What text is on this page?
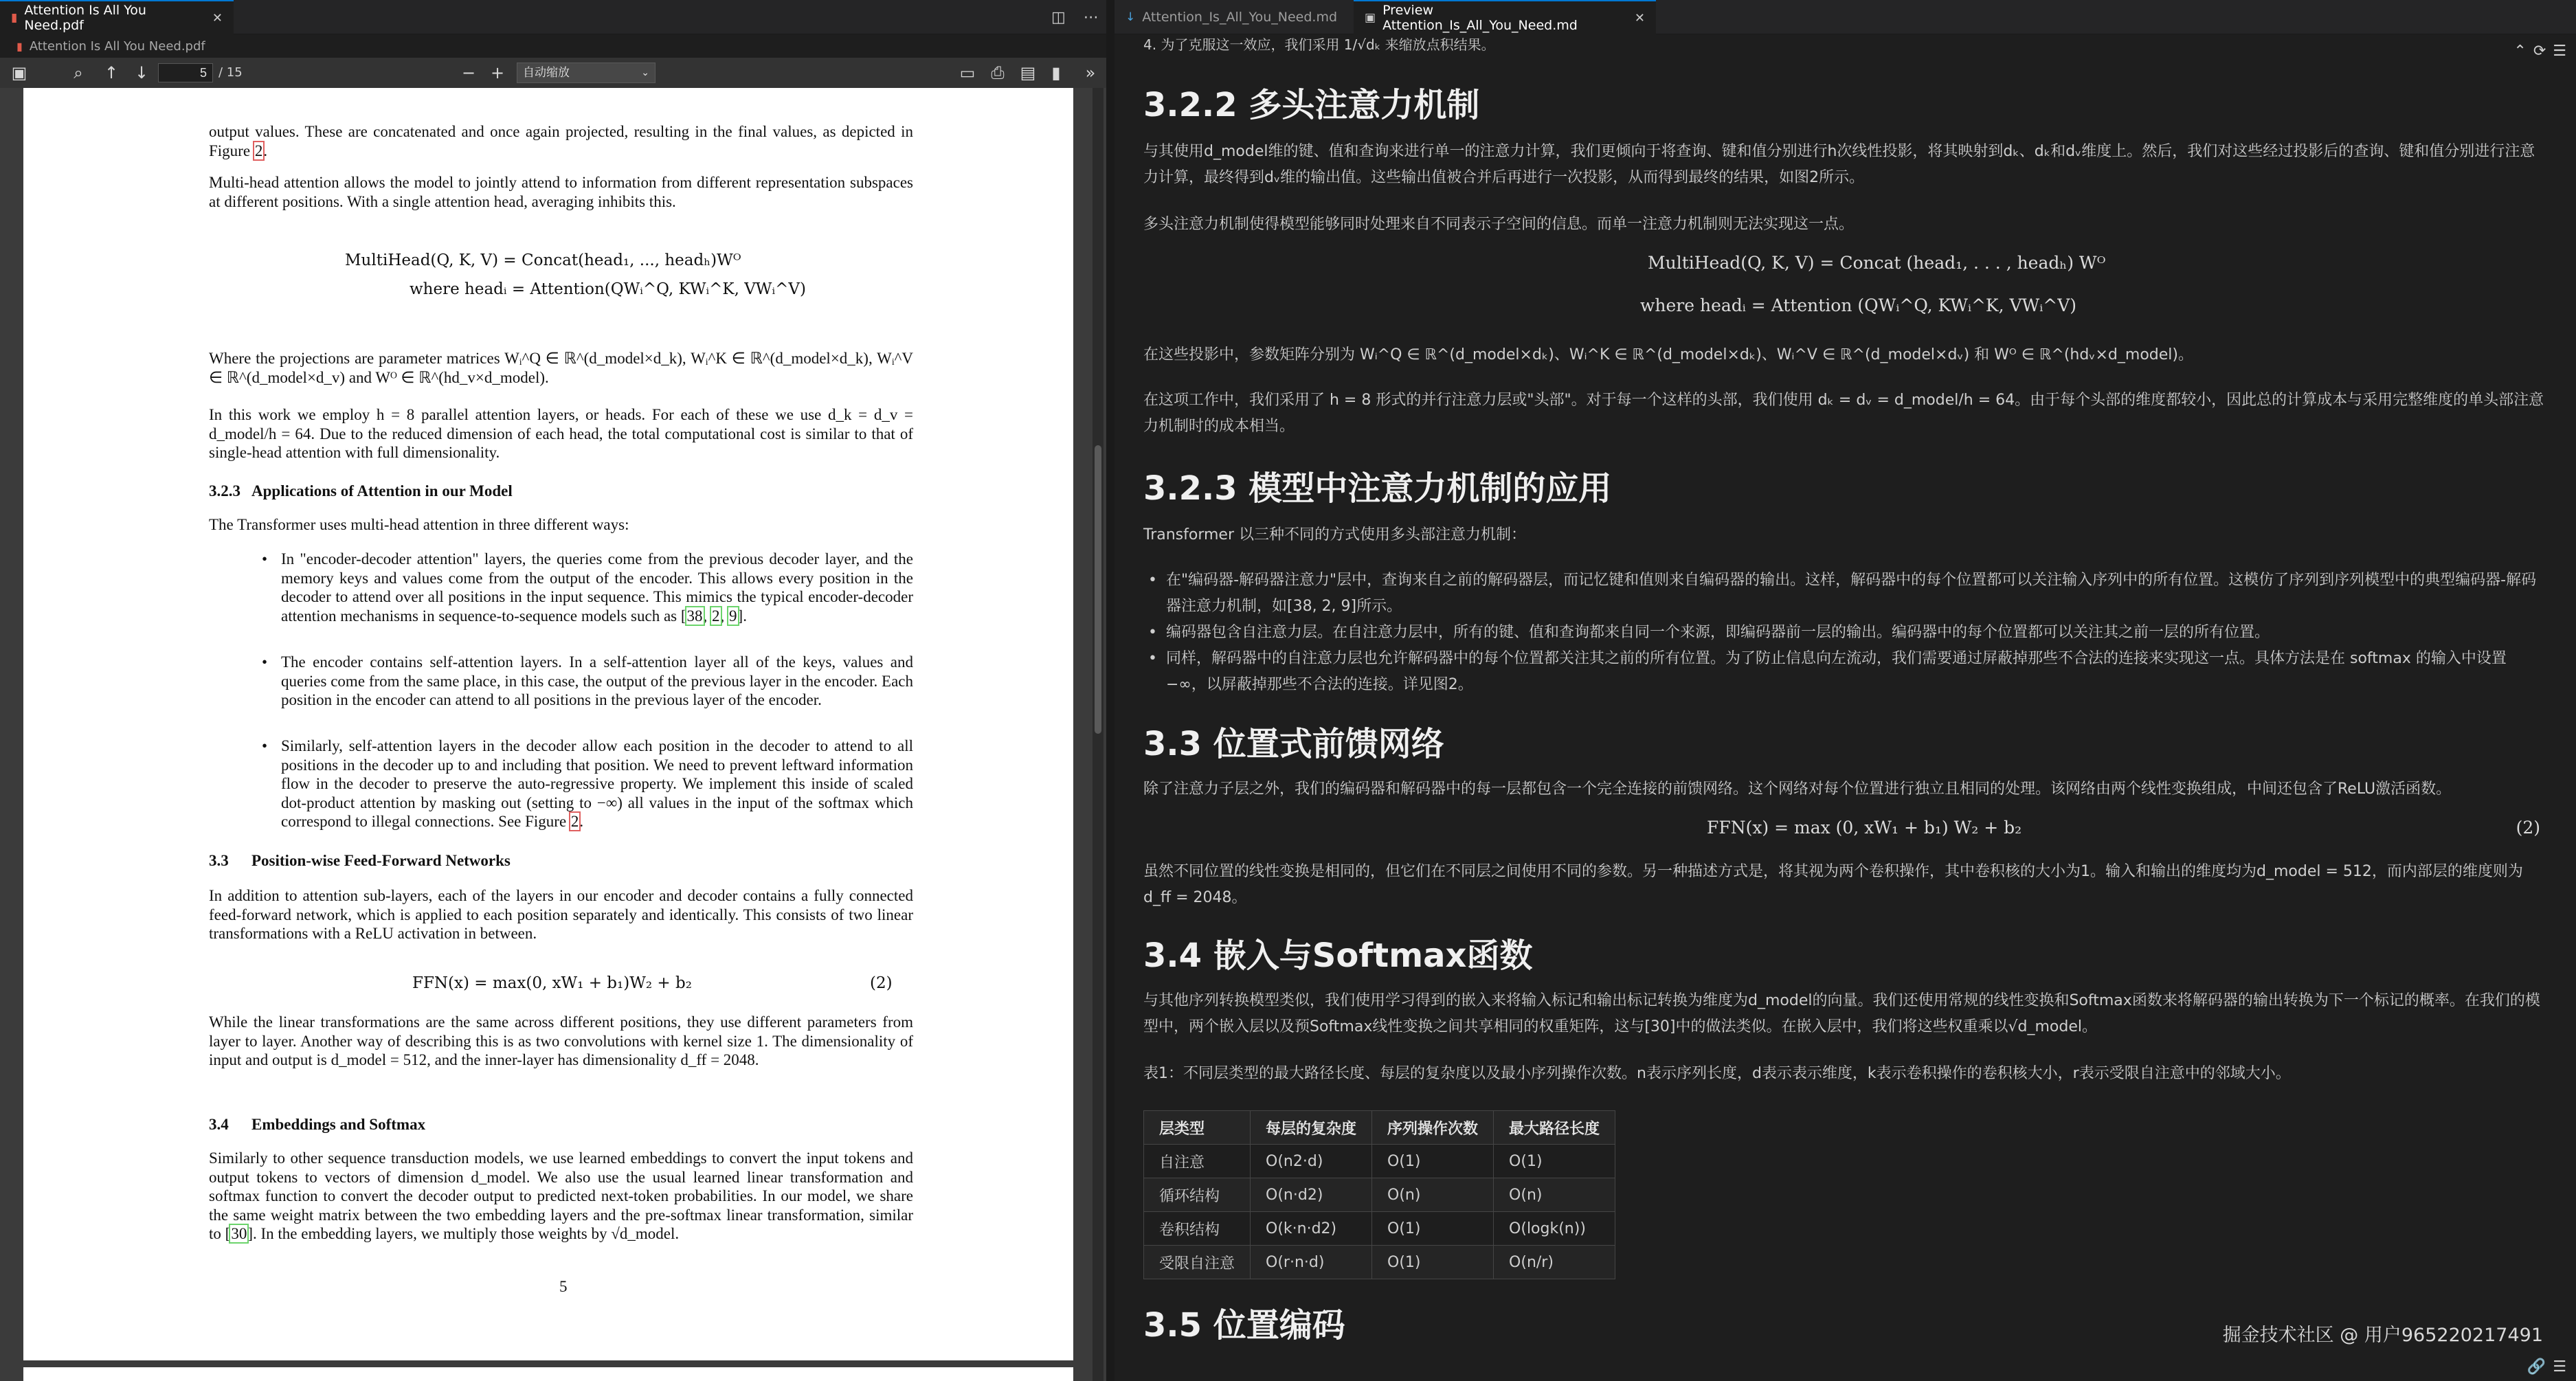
▮ Attention Is All You Need.pdf	✕	◫ ⋯
▮ Attention Is All You Need.pdf
▣	⌕	↑ ↓
5	/ 15	− +	自动缩放	⌄	▭ ⎙ ▤ ▮	»
output values. These are concatenated and once again projected, resulting in the final values, as depicted in Figure 2.
Multi-head attention allows the model to jointly attend to information from different representation subspaces at different positions. With a single attention head, averaging inhibits this.
MultiHead(Q, K, V) = Concat(head₁, ..., headₕ)Wᴼ
where headᵢ = Attention(QWᵢ^Q, KWᵢ^K, VWᵢ^V)
Where the projections are parameter matrices Wᵢ^Q ∈ ℝ^(d_model×d_k), Wᵢ^K ∈ ℝ^(d_model×d_k), Wᵢ^V ∈ ℝ^(d_model×d_v) and Wᴼ ∈ ℝ^(hd_v×d_model).
In this work we employ h = 8 parallel attention layers, or heads. For each of these we use d_k = d_v = d_model/h = 64. Due to the reduced dimension of each head, the total computational cost is similar to that of single-head attention with full dimensionality.
3.2.3 Applications of Attention in our Model
The Transformer uses multi-head attention in three different ways:
• In "encoder-decoder attention" layers, the queries come from the previous decoder layer, and the memory keys and values come from the output of the encoder. This allows every position in the decoder to attend over all positions in the input sequence. This mimics the typical encoder-decoder attention mechanisms in sequence-to-sequence models such as [38, 2, 9].
• The encoder contains self-attention layers. In a self-attention layer all of the keys, values and queries come from the same place, in this case, the output of the previous layer in the encoder. Each position in the encoder can attend to all positions in the previous layer of the encoder.
• Similarly, self-attention layers in the decoder allow each position in the decoder to attend to all positions in the decoder up to and including that position. We need to prevent leftward information flow in the decoder to preserve the auto-regressive property. We implement this inside of scaled dot-product attention by masking out (setting to −∞) all values in the input of the softmax which correspond to illegal connections. See Figure 2.
3.3 Position-wise Feed-Forward Networks
In addition to attention sub-layers, each of the layers in our encoder and decoder contains a fully connected feed-forward network, which is applied to each position separately and identically. This consists of two linear transformations with a ReLU activation in between.
FFN(x) = max(0, xW₁ + b₁)W₂ + b₂	(2)
While the linear transformations are the same across different positions, they use different parameters from layer to layer. Another way of describing this is as two convolutions with kernel size 1. The dimensionality of input and output is d_model = 512, and the inner-layer has dimensionality d_ff = 2048.
3.4 Embeddings and Softmax
Similarly to other sequence transduction models, we use learned embeddings to convert the input tokens and output tokens to vectors of dimension d_model. We also use the usual learned linear transformation and softmax function to convert the decoder output to predicted next-token probabilities. In our model, we share the same weight matrix between the two embedding layers and the pre-softmax linear transformation, similar to [30]. In the embedding layers, we multiply those weights by √d_model.
5
↓ Attention_Is_All_You_Need.md ▣ Preview Attention_Is_All_You_Need.md	✕
4. 为了克服这一效应，我们采用 1/√dₖ 来缩放点积结果。
3.2.2 多头注意力机制
与其使用d_model维的键、值和查询来进行单一的注意力计算，我们更倾向于将查询、键和值分别进行h次线性投影，将其映射到dₖ、dₖ和dᵥ维度上。然后，我们对这些经过投影后的查询、键和值分别进行注意力计算，最终得到dᵥ维的输出值。这些输出值被合并后再进行一次投影，从而得到最终的结果，如图2所示。
多头注意力机制使得模型能够同时处理来自不同表示子空间的信息。而单一注意力机制则无法实现这一点。
MultiHead(Q, K, V) = Concat (head₁, . . . , headₕ) Wᴼ
where headᵢ = Attention (QWᵢ^Q, KWᵢ^K, VWᵢ^V)
在这些投影中，参数矩阵分别为 Wᵢ^Q ∈ ℝ^(d_model×dₖ)、Wᵢ^K ∈ ℝ^(d_model×dₖ)、Wᵢ^V ∈ ℝ^(d_model×dᵥ) 和 Wᴼ ∈ ℝ^(hdᵥ×d_model)。
在这项工作中，我们采用了 h = 8 形式的并行注意力层或"头部"。对于每一个这样的头部，我们使用 dₖ = dᵥ = d_model/h = 64。由于每个头部的维度都较小，因此总的计算成本与采用完整维度的单头部注意力机制时的成本相当。
3.2.3 模型中注意力机制的应用
Transformer 以三种不同的方式使用多头部注意力机制：
• 在"编码器-解码器注意力"层中，查询来自之前的解码器层，而记忆键和值则来自编码器的输出。这样，解码器中的每个位置都可以关注输入序列中的所有位置。这模仿了序列到序列模型中的典型编码器-解码器注意力机制，如[38, 2, 9]所示。
• 编码器包含自注意力层。在自注意力层中，所有的键、值和查询都来自同一个来源，即编码器前一层的输出。编码器中的每个位置都可以关注其之前一层的所有位置。
• 同样，解码器中的自注意力层也允许解码器中的每个位置都关注其之前的所有位置。为了防止信息向左流动，我们需要通过屏蔽掉那些不合法的连接来实现这一点。具体方法是在 softmax 的输入中设置 −∞，以屏蔽掉那些不合法的连接。详见图2。
3.3 位置式前馈网络
除了注意力子层之外，我们的编码器和解码器中的每一层都包含一个完全连接的前馈网络。这个网络对每个位置进行独立且相同的处理。该网络由两个线性变换组成，中间还包含了ReLU激活函数。
FFN(x) = max (0, xW₁ + b₁) W₂ + b₂	(2)
虽然不同位置的线性变换是相同的，但它们在不同层之间使用不同的参数。另一种描述方式是，将其视为两个卷积操作，其中卷积核的大小为1。输入和输出的维度均为d_model = 512，而内部层的维度则为 d_ff = 2048。
3.4 嵌入与Softmax函数
与其他序列转换模型类似，我们使用学习得到的嵌入来将输入标记和输出标记转换为维度为d_model的向量。我们还使用常规的线性变换和Softmax函数来将解码器的输出转换为下一个标记的概率。在我们的模型中，两个嵌入层以及预Softmax线性变换之间共享相同的权重矩阵，这与[30]中的做法类似。在嵌入层中，我们将这些权重乘以√d_model。
表1：不同层类型的最大路径长度、每层的复杂度以及最小序列操作次数。n表示序列长度，d表示表示维度，k表示卷积操作的卷积核大小，r表示受限自注意中的邻域大小。
层类型	每层的复杂度	序列操作次数	最大路径长度
自注意	O(n2·d)	O(1)	O(1)
循环结构	O(n·d2)	O(n)	O(n)
卷积结构	O(k·n·d2)	O(1)	O(logk(n))
受限自注意	O(r·n·d)	O(1)	O(n/r)
3.5 位置编码	掘金技术社区 @ 用户965220217491
⌃ ⟳ ☰
🔗 ☰
